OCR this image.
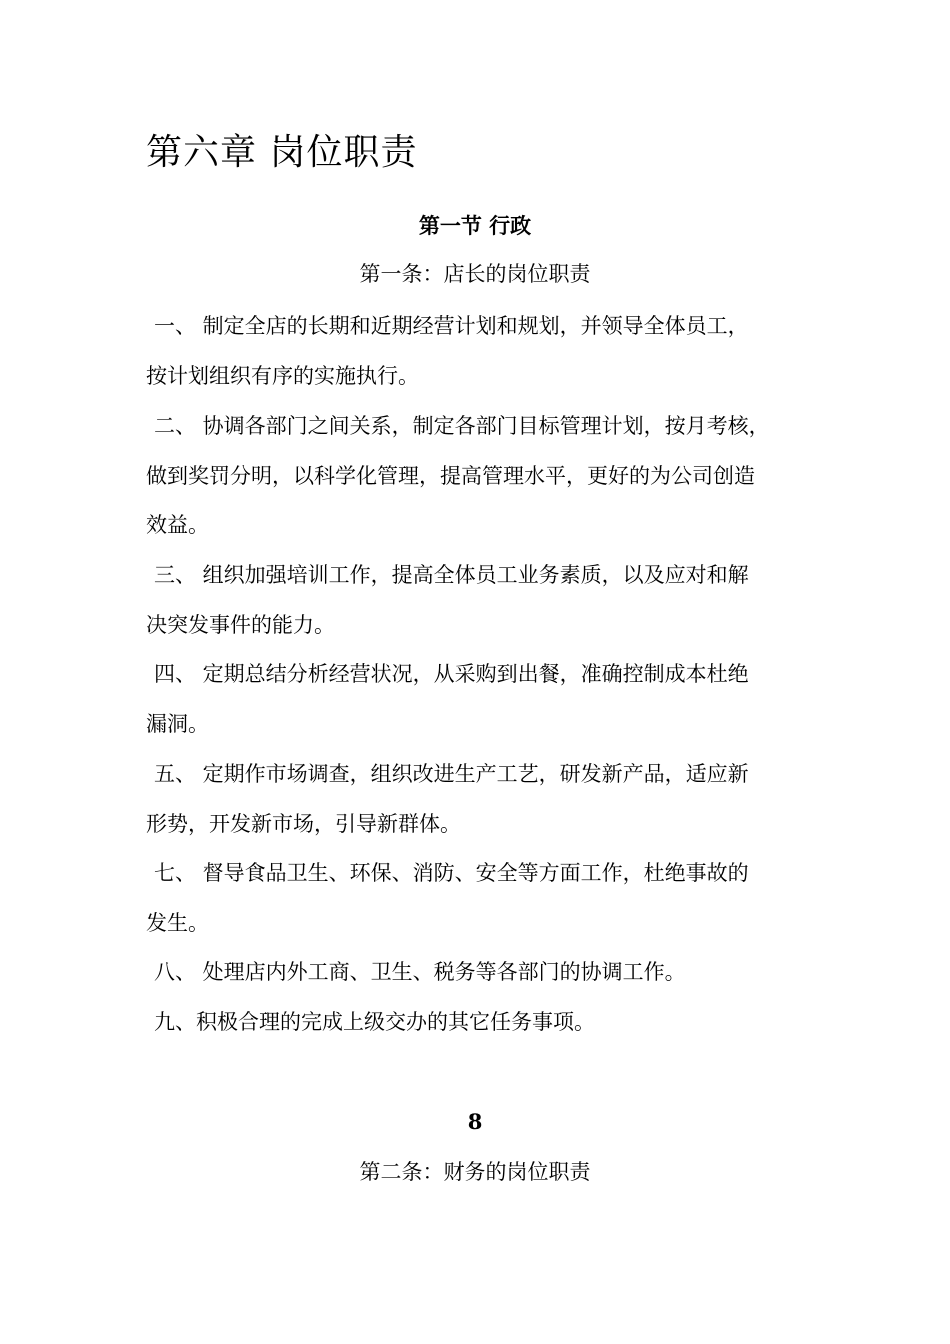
第六章 岗位职责
第一节 行政
第一条：店长的岗位职责
一、 制定全店的长期和近期经营计划和规划，并领导全体员工，
按计划组织有序的实施执行。
二、 协调各部门之间关系，制定各部门目标管理计划，按月考核，
做到奖罚分明，以科学化管理，提高管理水平，更好的为公司创造
效益。
三、 组织加强培训工作，提高全体员工业务素质，以及应对和解
决突发事件的能力。
四、 定期总结分析经营状况，从采购到出餐，准确控制成本杜绝
漏洞。
五、 定期作市场调查，组织改进生产工艺，研发新产品，适应新
形势，开发新市场，引导新群体。
七、 督导食品卫生、环保、消防、安全等方面工作，杜绝事故的
发生。
八、 处理店内外工商、卫生、税务等各部门的协调工作。
九、积极合理的完成上级交办的其它任务事项。
8
第二条：财务的岗位职责
